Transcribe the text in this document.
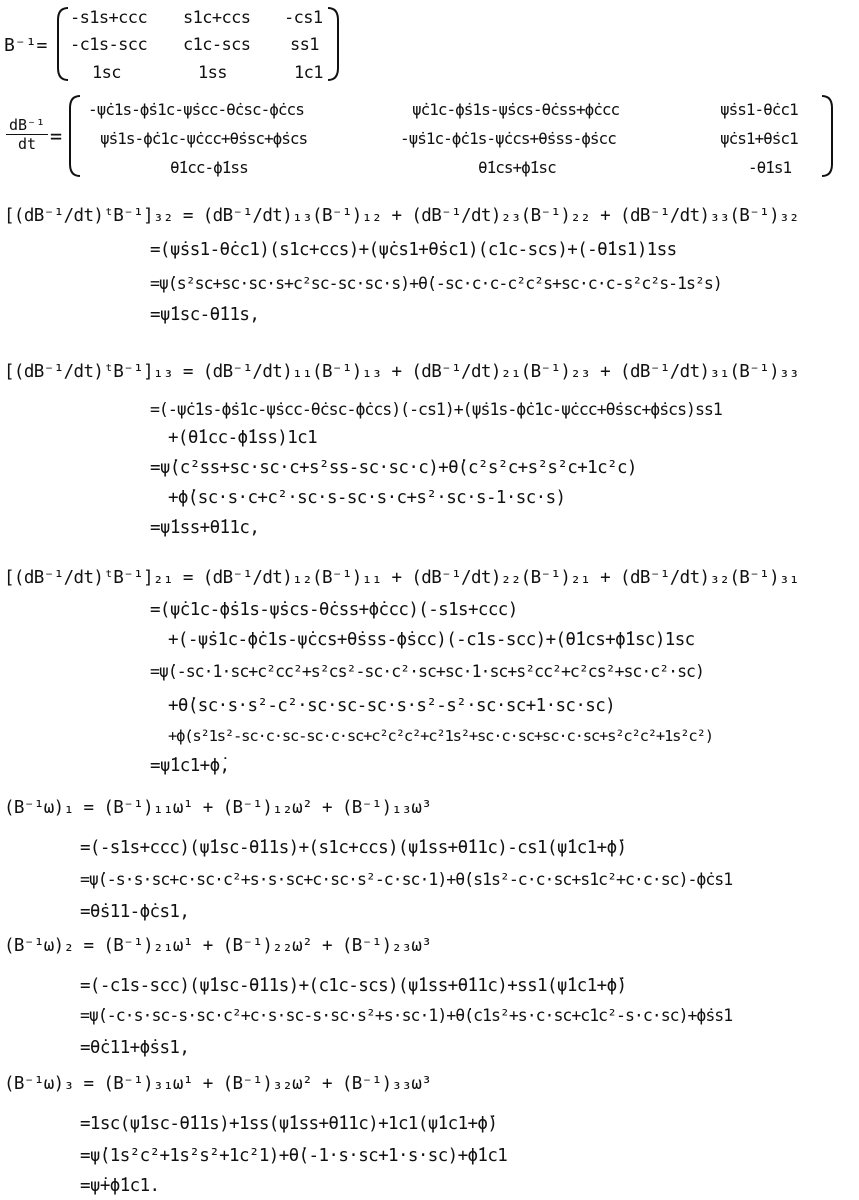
B⁻¹=
-s1s+ccc s1c+ccs -cs1
-c1s-scc c1c-scs ss1
1sc	1ss	1c1
$\frac{\text{dB⁻¹}}{dt}$ =
-ψ̇c1s-ϕ̇s1c-ψ̇scc-θ̇csc-ϕ̇ccs	ψ̇c1c-ϕ̇s1s-ψ̇scs-θ̇css+ϕ̇ccc	ψ̇ss1-θ̇cc1
ψ̇s1s-ϕ̇c1c-ψ̇ccc+θ̇ssc+ϕ̇scs	-ψ̇s1c-ϕ̇c1s-ψ̇ccs+θ̇sss-ϕ̇scc	ψ̇cs1+θ̇sc1
θ̇1cc-ϕ̇1ss	θ̇1cs+ϕ̇1sc	-θ̇1s1
[(dB⁻¹/dt)ᵗB⁻¹]₃₂ = (dB⁻¹/dt)₁₃(B⁻¹)₁₂ + (dB⁻¹/dt)₂₃(B⁻¹)₂₂ + (dB⁻¹/dt)₃₃(B⁻¹)₃₂
=(ψ̇ss1-θ̇cc1)(s1c+ccs)+(ψ̇cs1+θ̇sc1)(c1c-scs)+(-θ̇1s1)1ss
=ψ̇(s²sc+sc·sc·s+c²sc-sc·sc·s)+θ̇(-sc·c·c-c²c²s+sc·c·c-s²c²s-1s²s)
=ψ̇1sc-θ̇11s,
[(dB⁻¹/dt)ᵗB⁻¹]₁₃ = (dB⁻¹/dt)₁₁(B⁻¹)₁₃ + (dB⁻¹/dt)₂₁(B⁻¹)₂₃ + (dB⁻¹/dt)₃₁(B⁻¹)₃₃
=(-ψ̇c1s-ϕ̇s1c-ψ̇scc-θ̇csc-ϕ̇ccs)(-cs1)+(ψ̇s1s-ϕ̇c1c-ψ̇ccc+θ̇ssc+ϕ̇scs)ss1
+(θ̇1cc-ϕ̇1ss)1c1
=ψ̇(c²ss+sc·sc·c+s²ss-sc·sc·c)+θ̇(c²s²c+s²s²c+1c²c)
+ϕ̇(sc·s·c+c²·sc·s-sc·s·c+s²·sc·s-1·sc·s)
=ψ̇1ss+θ̇11c,
[(dB⁻¹/dt)ᵗB⁻¹]₂₁ = (dB⁻¹/dt)₁₂(B⁻¹)₁₁ + (dB⁻¹/dt)₂₂(B⁻¹)₂₁ + (dB⁻¹/dt)₃₂(B⁻¹)₃₁
=(ψ̇c1c-ϕ̇s1s-ψ̇scs-θ̇css+ϕ̇ccc)(-s1s+ccc)
+(-ψ̇s1c-ϕ̇c1s-ψ̇ccs+θ̇sss-ϕ̇scc)(-c1s-scc)+(θ̇1cs+ϕ̇1sc)1sc
=ψ̇(-sc·1·sc+c²cc²+s²cs²-sc·c²·sc+sc·1·sc+s²cc²+c²cs²+sc·c²·sc)
+θ̇(sc·s·s²-c²·sc·sc-sc·s·s²-s²·sc·sc+1·sc·sc)
+ϕ̇(s²1s²-sc·c·sc-sc·c·sc+c²c²c²+c²1s²+sc·c·sc+sc·c·sc+s²c²c²+1s²c²)
=ψ̇1c1+ϕ̇,
(B⁻¹ω)₁ = (B⁻¹)₁₁ω¹ + (B⁻¹)₁₂ω² + (B⁻¹)₁₃ω³
=(-s1s+ccc)(ψ̇1sc-θ̇11s)+(s1c+ccs)(ψ̇1ss+θ̇11c)-cs1(ψ̇1c1+ϕ̇)
=ψ̇(-s·s·sc+c·sc·c²+s·s·sc+c·sc·s²-c·sc·1)+θ̇(s1s²-c·c·sc+s1c²+c·c·sc)-ϕ̇cs1
=θ̇s11-ϕ̇cs1,
(B⁻¹ω)₂ = (B⁻¹)₂₁ω¹ + (B⁻¹)₂₂ω² + (B⁻¹)₂₃ω³
=(-c1s-scc)(ψ̇1sc-θ̇11s)+(c1c-scs)(ψ̇1ss+θ̇11c)+ss1(ψ̇1c1+ϕ̇)
=ψ̇(-c·s·sc-s·sc·c²+c·s·sc-s·sc·s²+s·sc·1)+θ̇(c1s²+s·c·sc+c1c²-s·c·sc)+ϕ̇ss1
=θ̇c11+ϕ̇ss1,
(B⁻¹ω)₃ = (B⁻¹)₃₁ω¹ + (B⁻¹)₃₂ω² + (B⁻¹)₃₃ω³
=1sc(ψ̇1sc-θ̇11s)+1ss(ψ̇1ss+θ̇11c)+1c1(ψ̇1c1+ϕ̇)
=ψ̇(1s²c²+1s²s²+1c²1)+θ̇(-1·s·sc+1·s·sc)+ϕ̇1c1
=ψ̇+ϕ̇1c1.
